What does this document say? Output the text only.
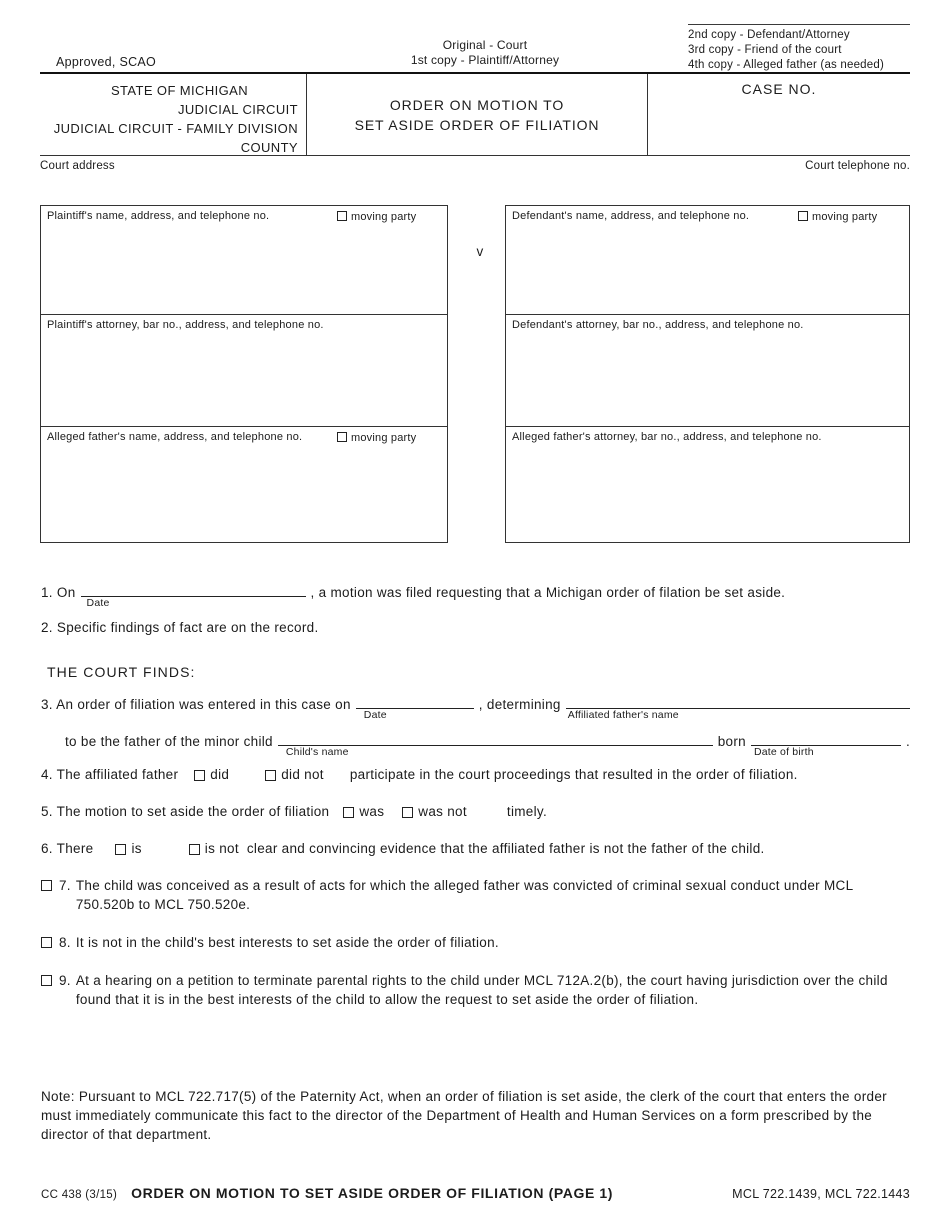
Approved, SCAO
Original - Court
1st copy - Plaintiff/Attorney
2nd copy - Defendant/Attorney
3rd copy - Friend of the court
4th copy - Alleged father (as needed)
STATE OF MICHIGAN
JUDICIAL CIRCUIT
JUDICIAL CIRCUIT - FAMILY DIVISION
COUNTY
ORDER ON MOTION TO
SET ASIDE ORDER OF FILIATION
CASE NO.
Court address	Court telephone no.
Plaintiff's name, address, and telephone no.	moving party	Defendant's name, address, and telephone no.	moving party
Plaintiff's attorney, bar no., address, and telephone no.	Defendant's attorney, bar no., address, and telephone no.
Alleged father's name, address, and telephone no.	moving party	Alleged father's attorney, bar no., address, and telephone no.
v
1. On
Date
, a motion was filed requesting that a Michigan order of filation be set aside.
2. Specific findings of fact are on the record.
THE COURT FINDS:
3. An order of filiation was entered in this case on
Date
, determining
Affiliated father's name
to be the father of the minor child
Child's name
born
Date of birth
.
4. The affiliated father	did	did not participate in the court proceedings that resulted in the order of filiation.
5. The motion to set aside the order of filiation	was	was not	timely.
6. There	is	is not clear and convincing evidence that the affiliated father is not the father of the child.
7. The child was conceived as a result of acts for which the alleged father was convicted of criminal sexual conduct under MCL 750.520b to MCL 750.520e.
8. It is not in the child's best interests to set aside the order of filiation.
9. At a hearing on a petition to terminate parental rights to the child under MCL 712A.2(b), the court having jurisdiction over the child found that it is in the best interests of the child to allow the request to set aside the order of filiation.
Note: Pursuant to MCL 722.717(5) of the Paternity Act, when an order of filiation is set aside, the clerk of the court that enters the order must immediately communicate this fact to the director of the Department of Health and Human Services on a form prescribed by the director of that department.
CC 438 (3/15) ORDER ON MOTION TO SET ASIDE ORDER OF FILIATION (PAGE 1)	MCL 722.1439, MCL 722.1443
